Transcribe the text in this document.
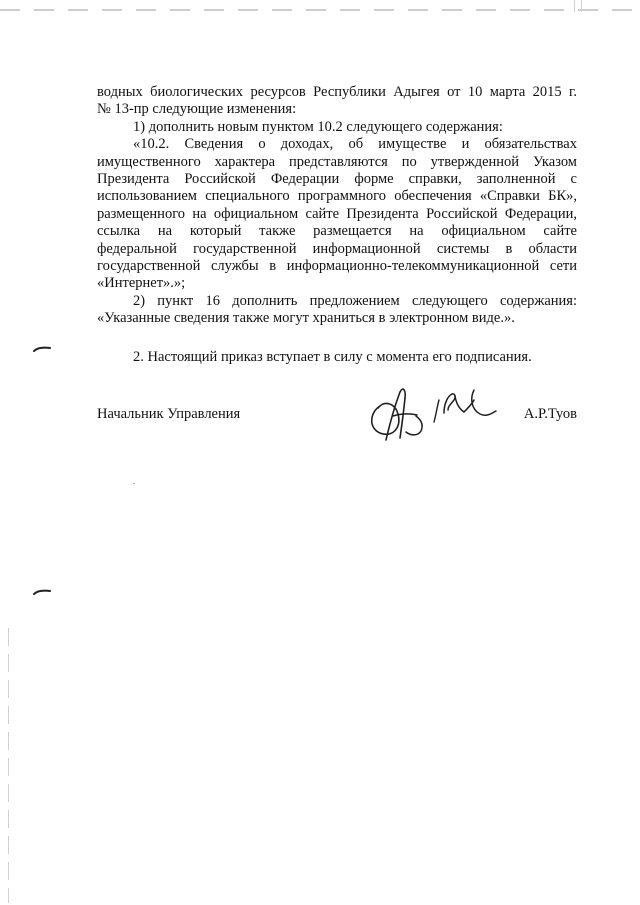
водных биологических ресурсов Республики Адыгея от 10 марта 2015 г.
№ 13-пр следующие изменения:
1) дополнить новым пунктом 10.2 следующего содержания:
«10.2. Сведения о доходах, об имуществе и обязательствах
имущественного характера представляются по утвержденной Указом
Президента Российской Федерации форме справки, заполненной с
использованием специального программного обеспечения «Справки БК»,
размещенного на официальном сайте Президента Российской Федерации,
ссылка на который также размещается на официальном сайте
федеральной государственной информационной системы в области
государственной службы в информационно-телекоммуникационной сети
«Интернет».»;
2) пункт 16 дополнить предложением следующего содержания:
«Указанные сведения также могут храниться в электронном виде.».
2. Настоящий приказ вступает в силу с момента его подписания.
Начальник Управления	А.Р.Туов
